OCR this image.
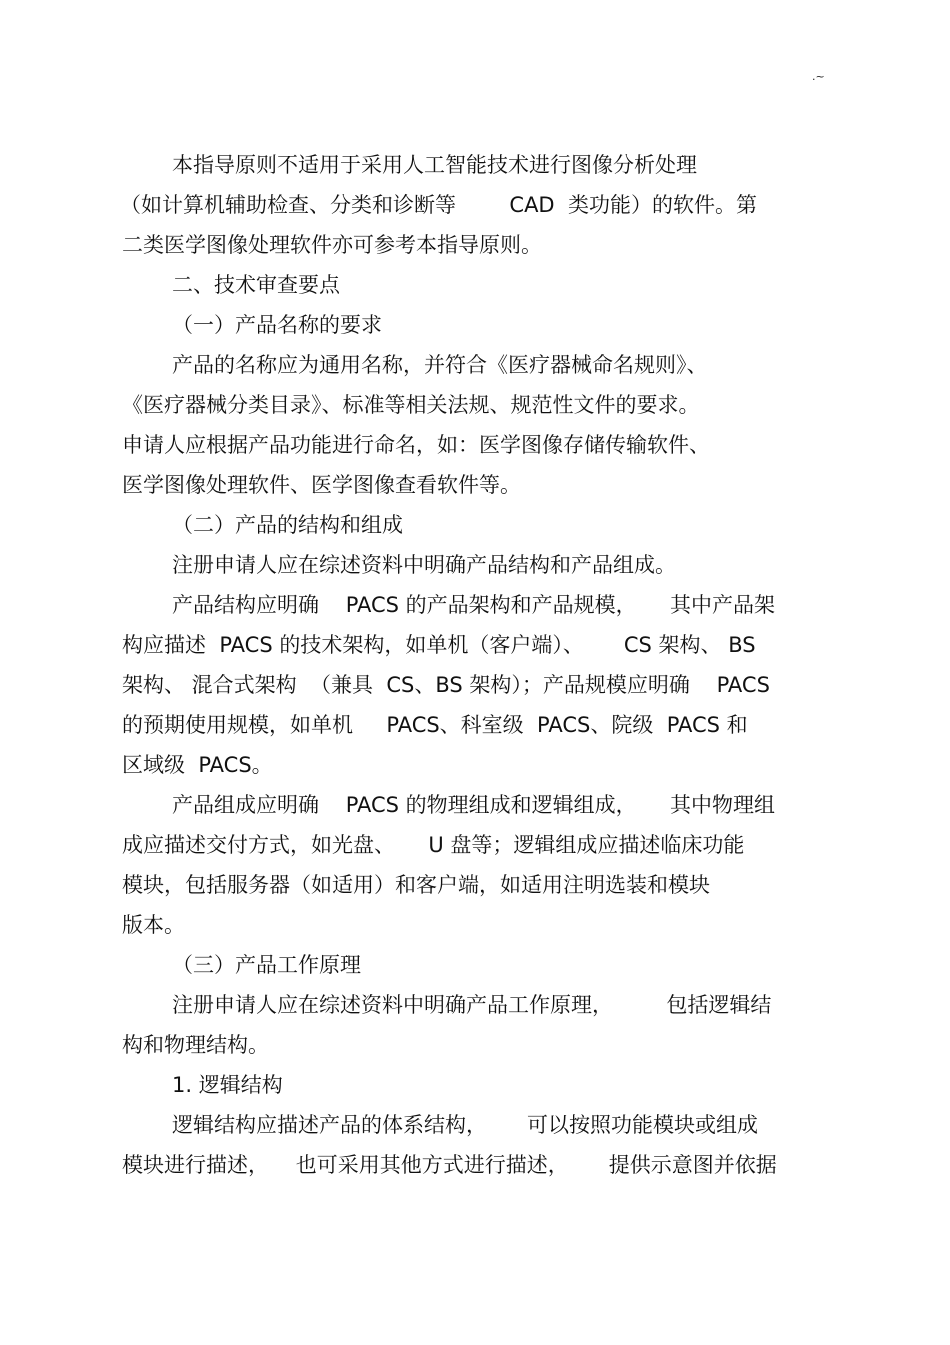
.~
本指导原则不适用于采用人工智能技术进行图像分析处理
（如计算机辅助检查、分类和诊断等        CAD  类功能）的软件。第
二类医学图像处理软件亦可参考本指导原则。
二、技术审查要点
（一）产品名称的要求
产品的名称应为通用名称，并符合《医疗器械命名规则》、
《医疗器械分类目录》、标准等相关法规、规范性文件的要求。
申请人应根据产品功能进行命名，如：医学图像存储传输软件、
医学图像处理软件、医学图像查看软件等。
（二）产品的结构和组成
注册申请人应在综述资料中明确产品结构和产品组成。
产品结构应明确    PACS 的产品架构和产品规模，     其中产品架
构应描述  PACS 的技术架构，如单机（客户端）、      CS 架构、 BS
架构、 混合式架构  （兼具  CS、BS 架构）；产品规模应明确    PACS
的预期使用规模，如单机     PACS、科室级  PACS、院级  PACS 和
区域级  PACS。
产品组成应明确    PACS 的物理组成和逻辑组成，     其中物理组
成应描述交付方式，如光盘、     U 盘等；逻辑组成应描述临床功能
模块，包括服务器（如适用）和客户端，如适用注明选装和模块
版本。
（三）产品工作原理
注册申请人应在综述资料中明确产品工作原理，        包括逻辑结
构和物理结构。
1. 逻辑结构
逻辑结构应描述产品的体系结构，      可以按照功能模块或组成
模块进行描述，    也可采用其他方式进行描述，      提供示意图并依据
